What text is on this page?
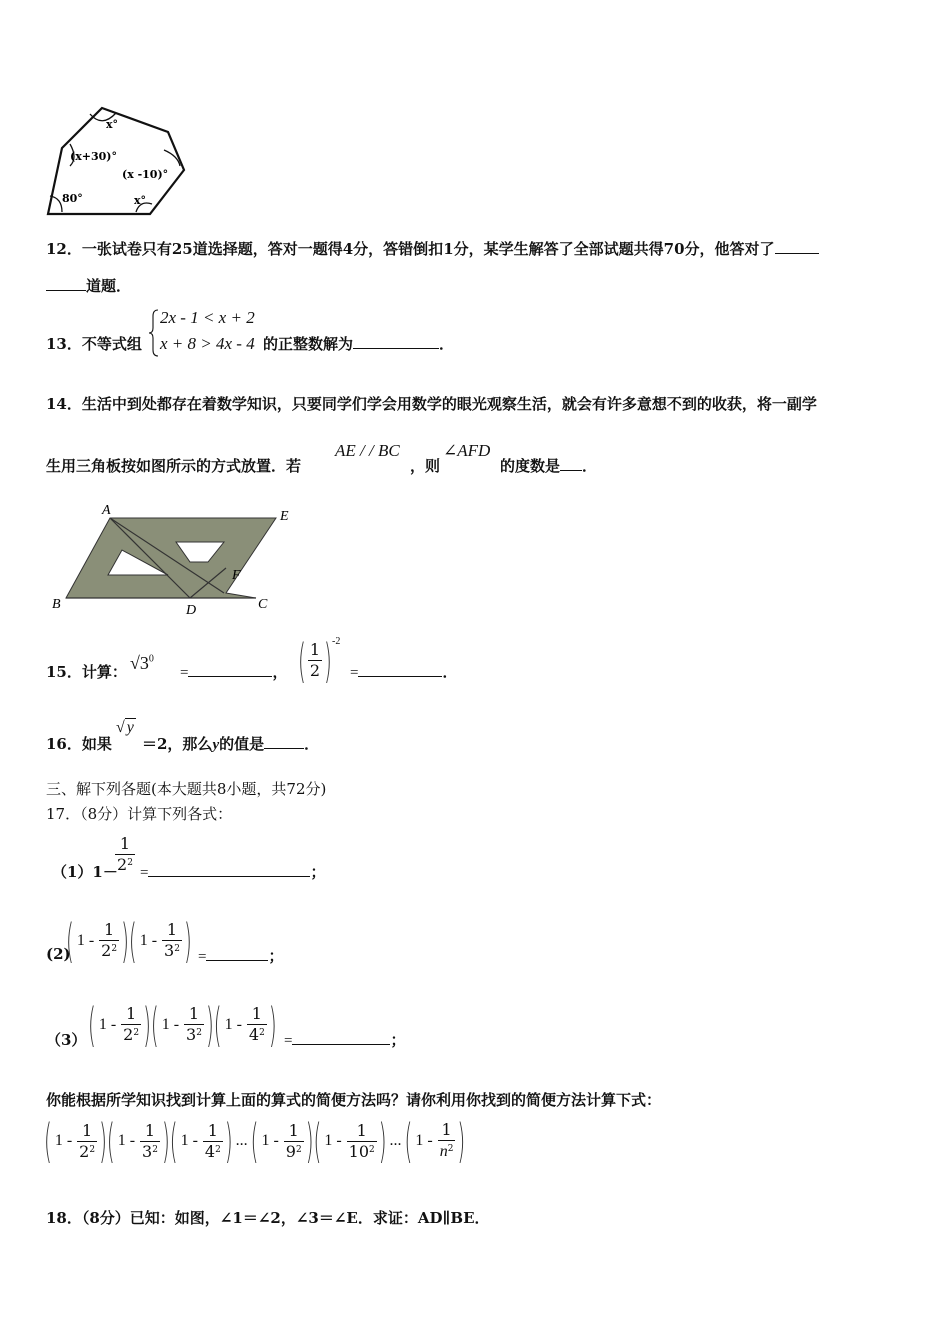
x°
(x+30)°
(x -10)°
80°	x°
12．一张试卷只有25道选择题，答对一题得4分，答错倒扣1分，某学生解答了全部试题共得70分，他答对了
道题．
13．不等式组
2x - 1 < x + 2
x + 8 > 4x - 4 的正整数解为	．
14．生活中到处都存在着数学知识，只要同学们学会用数学的眼光观察生活，就会有许多意想不到的收获，将一副学
生用三角板按如图所示的方式放置．若
AE / / BC
，则
∠AFD
的度数是 ．
A	E
F
B	D	C
15．计算： $√3^0$
=	， ( $\frac{1}{2}$ ) -2
=	．
16．如果
√ y
＝2，那么y的值是	．
三、解下列各题(本大题共8小题，共72分)
17．（8分）计算下列各式：
（1）1－
$\frac{1}{2^2}$ =	；
(2)
( $1 - \frac{1}{2^2}$ ) ( $1 - \frac{1}{3^2}$ ) =	；
（3） ( $1 - \frac{1}{2^2}$ ) ( $1 - \frac{1}{3^2}$ ) ( $1 - \frac{1}{4^2}$ ) =	；
你能根据所学知识找到计算上面的算式的简便方法吗？请你利用你找到的简便方法计算下式：
( $1 - \frac{1}{2^2}$ ) ( $1 - \frac{1}{3^2}$ ) ( $1 - \frac{1}{4^2}$ ) ... ( $1 - \frac{1}{9^2}$ ) ( $1 - \frac{1}{10^2}$ ) ... ( $1 - \frac{1}{n^2}$ )
18．（8分）已知：如图，∠1＝∠2，∠3＝∠E．求证：AD∥BE．
